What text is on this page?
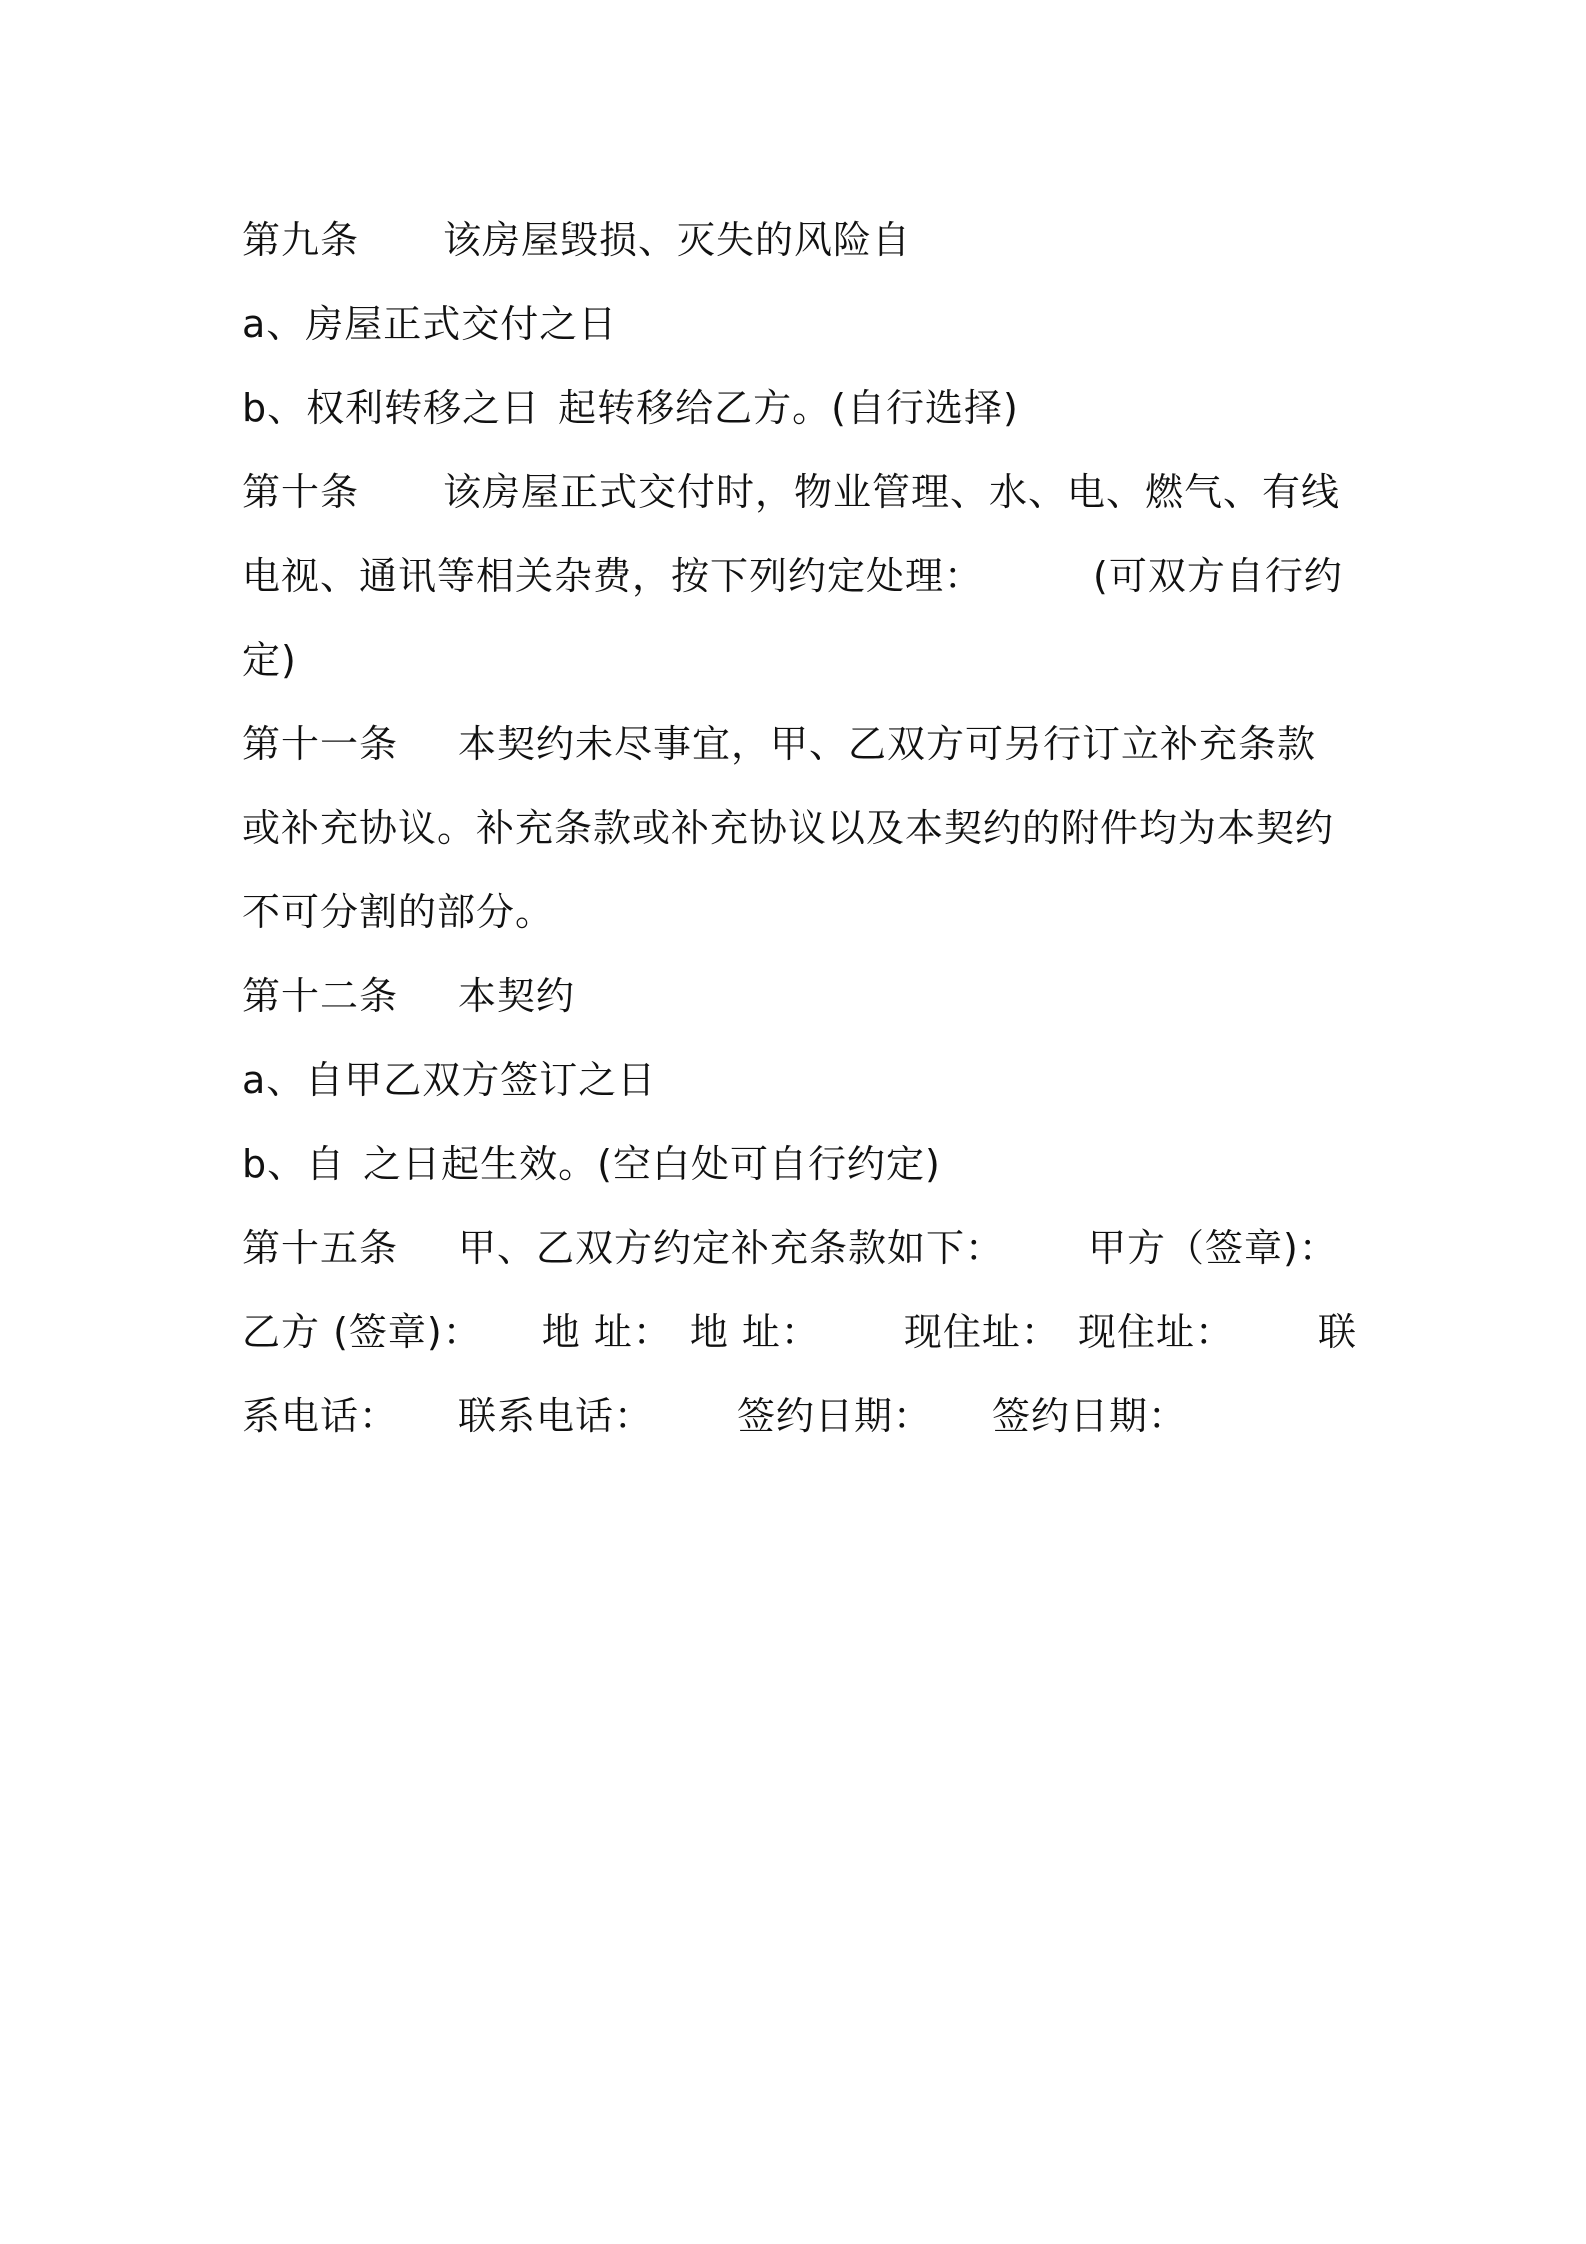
第九条 该房屋毁损、灭失的风险自
a、房屋正式交付之日
b、权利转移之日 起转移给乙方。(自行选择)
第十条 该房屋正式交付时，物业管理、水、电、燃气、有线
电视、通讯等相关杂费，按下列约定处理：	(可双方自行约
定)
第十一条 本契约未尽事宜，甲、乙双方可另行订立补充条款
或补充协议。补充条款或补充协议以及本契约的附件均为本契约
不可分割的部分。
第十二条 本契约
a、自甲乙双方签订之日
b、自 之日起生效。(空白处可自行约定)
第十五条 甲、乙双方约定补充条款如下： 甲方（签章)：
乙方 (签章)： 地 址： 地 址： 现住址： 现住址： 联
系电话： 联系电话： 签约日期： 签约日期：
